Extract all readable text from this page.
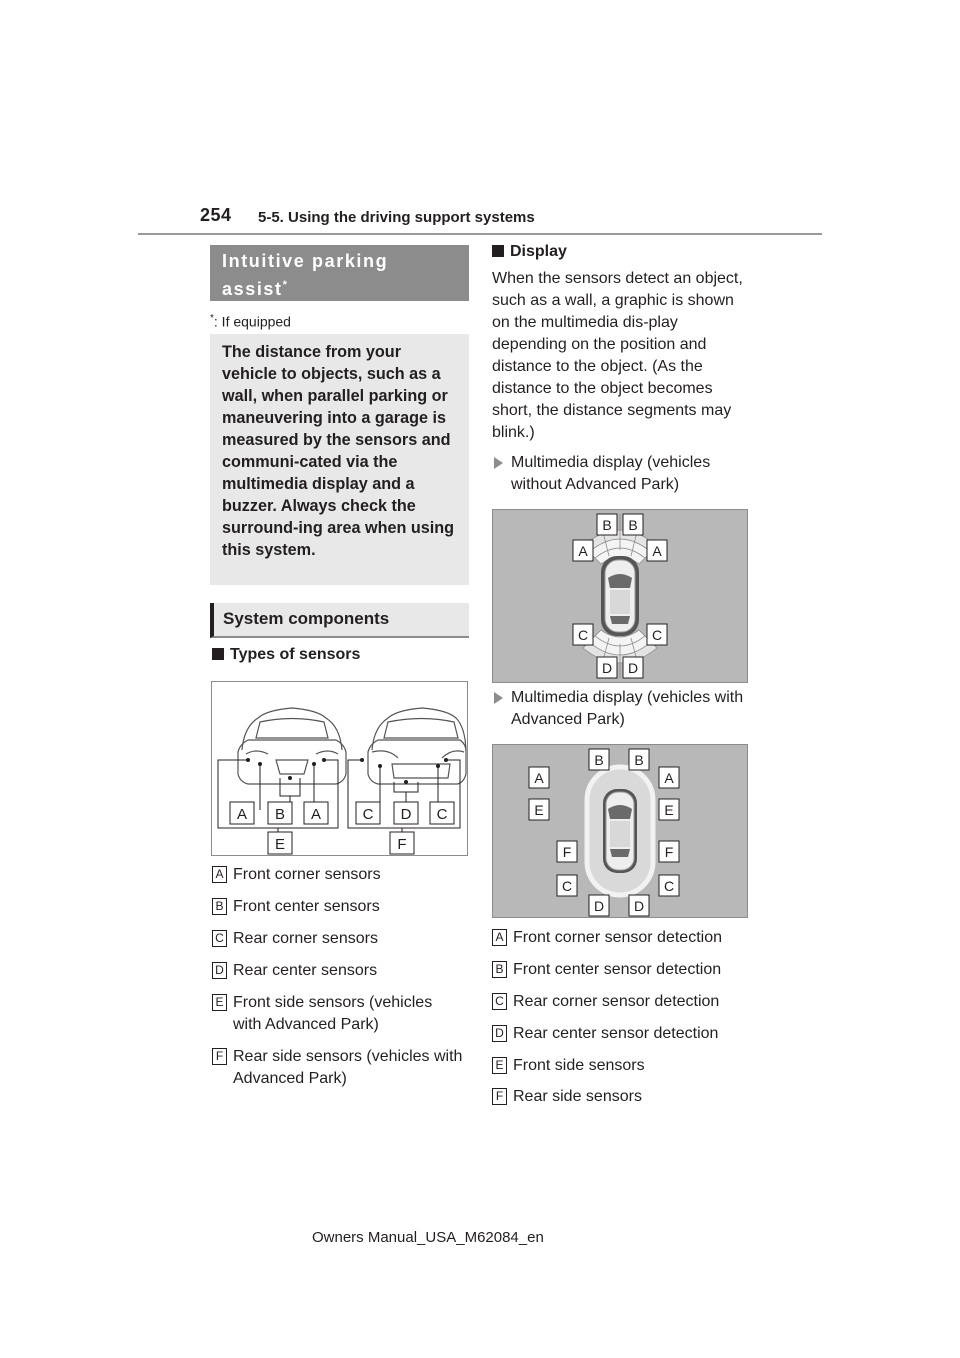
254 5-5. Using the driving support systems
Intuitive parking assist*
*: If equipped
The distance from your vehicle to objects, such as a wall, when parallel parking or maneuvering into a garage is measured by the sensors and communi-cated via the multimedia display and a buzzer. Always check the surround-ing area when using this system.
System components
Types of sensors
A B A
E
C D C
F
A Front corner sensors
B Front center sensors
C Rear corner sensors
D Rear center sensors
E Front side sensors (vehicles with Advanced Park)
F Rear side sensors (vehicles with Advanced Park)
Display
When the sensors detect an object, such as a wall, a graphic is shown on the multimedia dis-play depending on the position and distance to the object. (As the distance to the object becomes short, the distance segments may blink.)
Multimedia display (vehicles without Advanced Park)
B B
A	A
C	C
D D
Multimedia display (vehicles with Advanced Park)
B B
A	A
E	E
F	F
C	C
D D
A Front corner sensor detection
B Front center sensor detection
C Rear corner sensor detection
D Rear center sensor detection
E Front side sensors
F Rear side sensors
Owners Manual_USA_M62084_en
